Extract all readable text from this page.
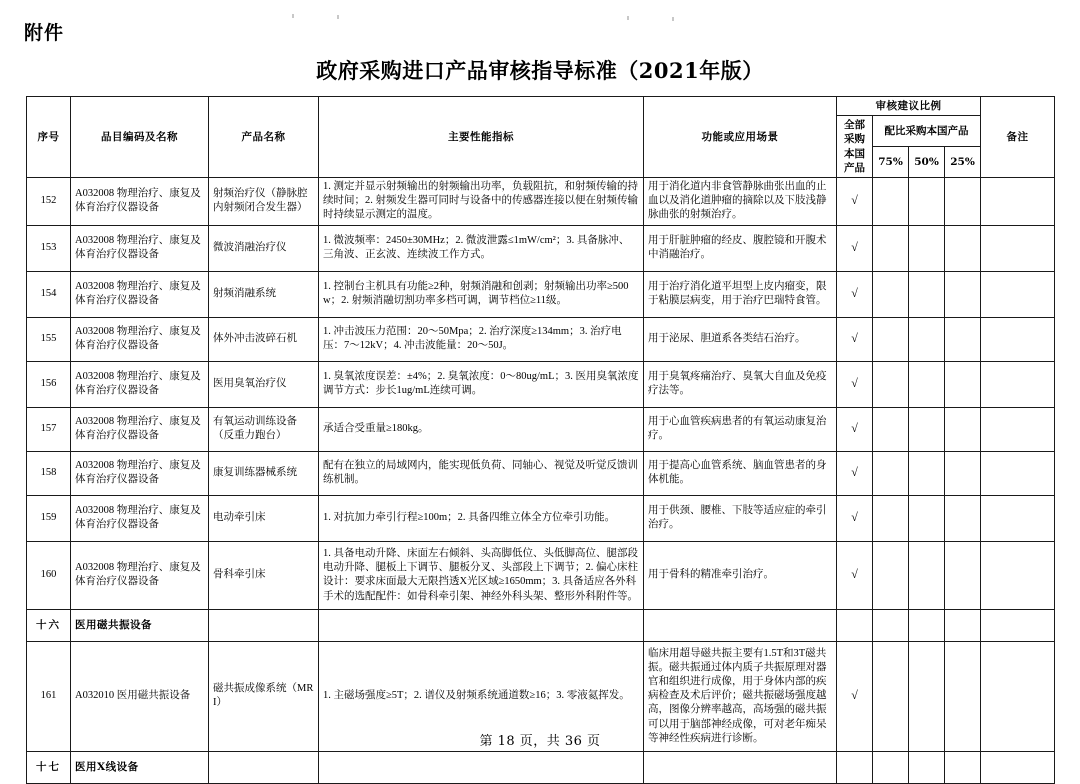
附件
政府采购进口产品审核指导标准（2021年版）
序号	品目编码及名称	产品名称	主要性能指标	功能或应用场景	审核建议比例				备注
					全部采购本国产品	配比采购本国产品			
						75%	50%	25%	
152	A032008 物理治疗、康复及体育治疗仪器设备	射频治疗仪（静脉腔内射频闭合发生器）	1. 测定并显示射频输出的射频输出功率，负载阻抗，和射频传输的持续时间；2. 射频发生器可同时与设备中的传感器连接以便在射频传输时持续显示测定的温度。	用于消化道内非食管静脉曲张出血的止血以及消化道肿瘤的摘除以及下肢浅静脉曲张的射频治疗。	√				
153	A032008 物理治疗、康复及体育治疗仪器设备	微波消融治疗仪	1. 微波频率：2450±30MHz；2. 微波泄露≤1mW/cm²；3. 具备脉冲、三角波、正玄波、连续波工作方式。	用于肝脏肿瘤的经皮、腹腔镜和开腹术中消融治疗。	√				
154	A032008 物理治疗、康复及体育治疗仪器设备	射频消融系统	1. 控制台主机具有功能≥2种，射频消融和创剥；射频输出功率≥500w；2. 射频消融切割功率多档可调，调节档位≥11级。	用于治疗消化道平坦型上皮内瘤变，限于粘膜层病变，用于治疗巴瑞特食管。	√				
155	A032008 物理治疗、康复及体育治疗仪器设备	体外冲击波碎石机	1. 冲击波压力范围：20～50Mpa；2. 治疗深度≥134mm；3. 治疗电压：7～12kV；4. 冲击波能量：20～50J。	用于泌尿、胆道系各类结石治疗。	√				
156	A032008 物理治疗、康复及体育治疗仪器设备	医用臭氧治疗仪	1. 臭氧浓度误差：±4%；2. 臭氧浓度：0～80ug/mL；3. 医用臭氧浓度调节方式：步长1ug/mL连续可调。	用于臭氧疼痛治疗、臭氧大自血及免疫疗法等。	√				
157	A032008 物理治疗、康复及体育治疗仪器设备	有氧运动训练设备（反重力跑台）	承适合受重量≥180kg。	用于心血管疾病患者的有氧运动康复治疗。	√				
158	A032008 物理治疗、康复及体育治疗仪器设备	康复训练器械系统	配有在独立的局域网内，能实现低负荷、同轴心、视觉及听觉反馈训练机制。	用于提高心血管系统、脑血管患者的身体机能。	√				
159	A032008 物理治疗、康复及体育治疗仪器设备	电动牵引床	1. 对抗加力牵引行程≥100m；2. 具备四维立体全方位牵引功能。	用于供颈、腰椎、下肢等适应症的牵引治疗。	√				
160	A032008 物理治疗、康复及体育治疗仪器设备	骨科牵引床	1. 具备电动升降、床面左右倾斜、头高脚低位、头低脚高位、腿部段电动升降、腿板上下调节、腿板分叉、头部段上下调节；2. 偏心床柱设计：要求床面最大无限挡透X光区域≥1650mm；3. 具备适应各外科手术的选配配件：如骨科牵引架、神经外科头架、整形外科附件等。	用于骨科的精准牵引治疗。	√				
十六	医用磁共振设备								
161	A032010 医用磁共振设备	磁共振成像系统（MRI）	1. 主磁场强度≥5T；2. 谱仪及射频系统通道数≥16；3. 零液氦挥发。	临床用超导磁共振主要有1.5T和3T磁共振。磁共振通过体内质子共振原理对器官和组织进行成像，用于身体内部的疾病检查及术后评价；磁共振磁场强度越高，图像分辨率越高，高场强的磁共振可以用于脑部神经成像，可对老年痴呆等神经性疾病进行诊断。	√				
十七	医用X线设备								
第 18 页，共 36 页
